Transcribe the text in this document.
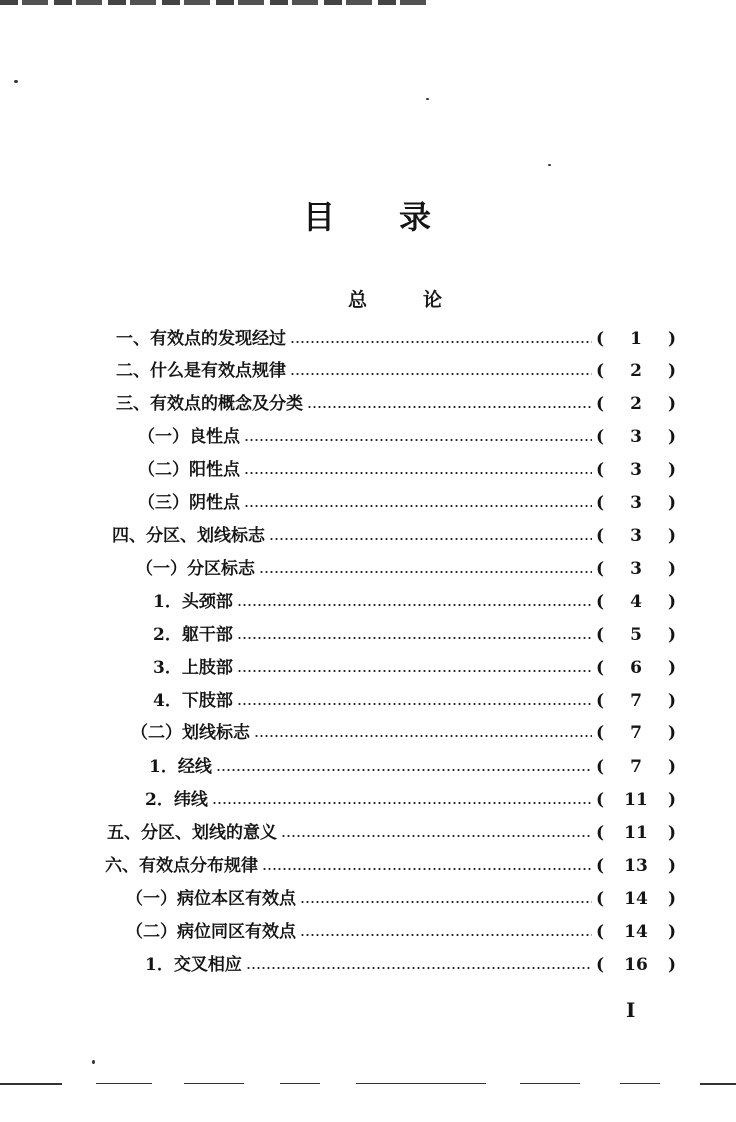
目 录
总	论
一、有效点的发现经过	(	1	)
二、什么是有效点规律	(	2	)
三、有效点的概念及分类	(	2	)
（一）良性点	(	3	)
（二）阳性点	(	3	)
（三）阴性点	(	3	)
四、分区、划线标志	(	3	)
（一）分区标志	(	3	)
1．头颈部	(	4	)
2．躯干部	(	5	)
3．上肢部	(	6	)
4．下肢部	(	7	)
（二）划线标志	(	7	)
1．经线	(	7	)
2．纬线	(	11	)
五、分区、划线的意义	(	11	)
六、有效点分布规律	(	13	)
（一）病位本区有效点	(	14	)
（二）病位同区有效点	(	14	)
1．交叉相应	(	16	)
I
